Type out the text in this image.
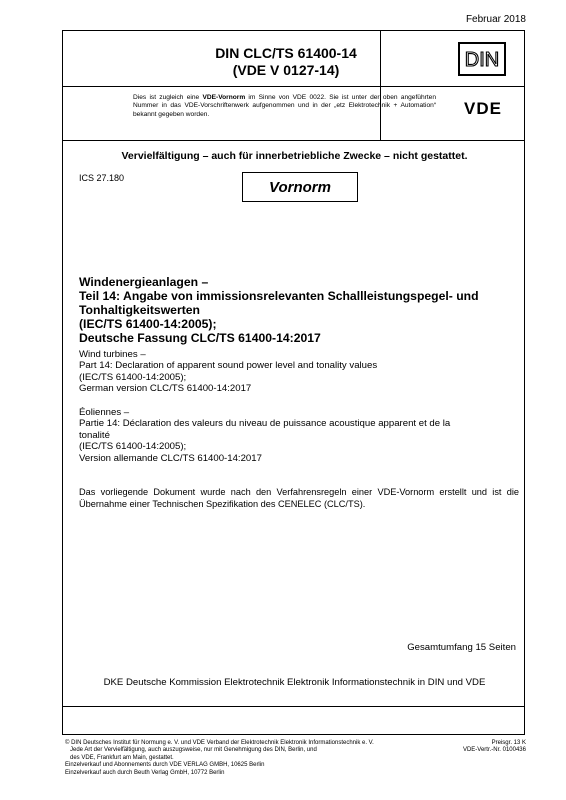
Februar 2018
DIN CLC/TS 61400-14
(VDE V 0127-14)	DIN
VDE
Dies ist zugleich eine VDE-Vornorm im Sinne von VDE 0022. Sie ist unter der oben angeführten Nummer in das VDE-Vorschriftenwerk aufgenommen und in der „etz Elektrotechnik + Automation“ bekannt gegeben worden.
Vervielfältigung – auch für innerbetriebliche Zwecke – nicht gestattet.
ICS 27.180
Vornorm
Windenergieanlagen –
Teil 14: Angabe von immissionsrelevanten Schallleistungspegel- und
Tonhaltigkeitswerten
(IEC/TS 61400-14:2005);
Deutsche Fassung CLC/TS 61400-14:2017
Wind turbines –
Part 14: Declaration of apparent sound power level and tonality values
(IEC/TS 61400-14:2005);
German version CLC/TS 61400-14:2017
Éoliennes –
Partie 14: Déclaration des valeurs du niveau de puissance acoustique apparent et de la
tonalité
(IEC/TS 61400-14:2005);
Version allemande CLC/TS 61400-14:2017
Das vorliegende Dokument wurde nach den Verfahrensregeln einer VDE-Vornorm erstellt und ist die Übernahme einer Technischen Spezifikation des CENELEC (CLC/TS).
Gesamtumfang 15 Seiten
DKE Deutsche Kommission Elektrotechnik Elektronik Informationstechnik in DIN und VDE
© DIN Deutsches Institut für Normung e. V. und VDE Verband der Elektrotechnik Elektronik Informationstechnik e. V.
Jede Art der Vervielfältigung, auch auszugsweise, nur mit Genehmigung des DIN, Berlin, und
des VDE, Frankfurt am Main, gestattet.
Einzelverkauf und Abonnements durch VDE VERLAG GMBH, 10625 Berlin
Einzelverkauf auch durch Beuth Verlag GmbH, 10772 Berlin
Preisgr. 13 K
VDE-Vertr.-Nr. 0100436
